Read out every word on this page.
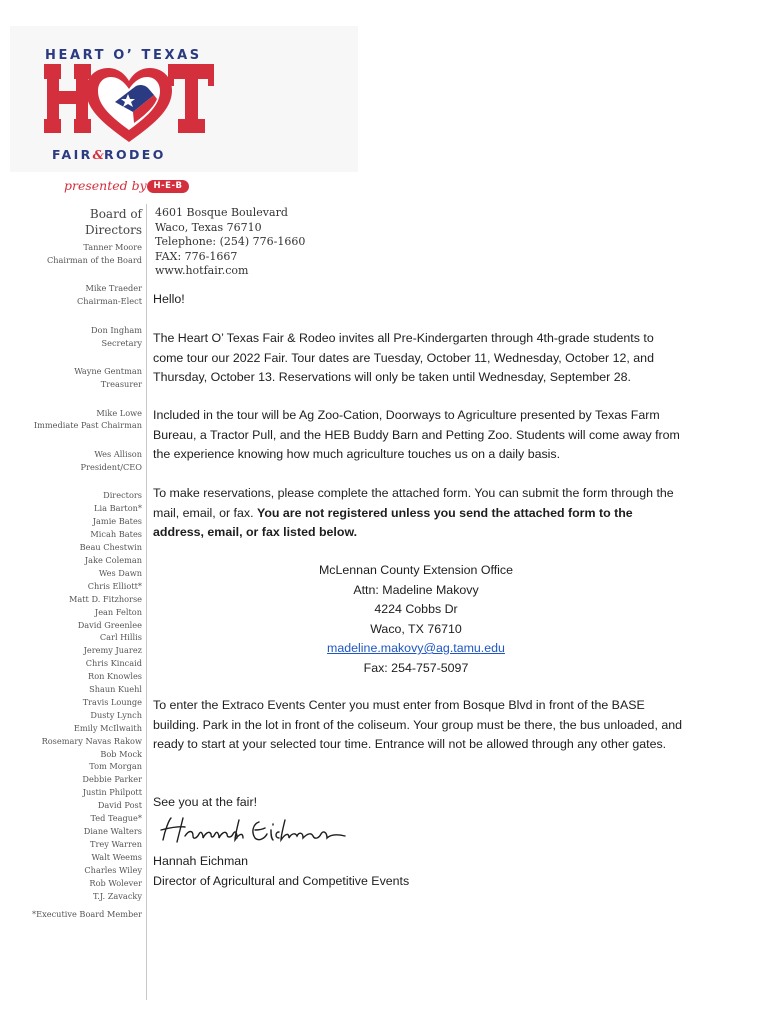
HEART O’ TEXAS
FAIR&RODEO
presented by H-E-B
Board of Directors
Tanner Moore
Chairman of the Board
Mike Traeder
Chairman-Elect
Don Ingham
Secretary
Wayne Gentman
Treasurer
Mike Lowe
Immediate Past Chairman
Wes Allison
President/CEO
Directors
Lia Barton*
Jamie Bates
Micah Bates
Beau Chestwin
Jake Coleman
Wes Dawn
Chris Elliott*
Matt D. Fitzhorse
Jean Felton
David Greenlee
Carl Hillis
Jeremy Juarez
Chris Kincaid
Ron Knowles
Shaun Kuehl
Travis Lounge
Dusty Lynch
Emily McIlwaith
Rosemary Navas Rakow
Bob Mock
Tom Morgan
Debbie Parker
Justin Philpott
David Post
Ted Teague*
Diane Walters
Trey Warren
Walt Weems
Charles Wiley
Rob Wolever
T.J. Zavacky
*Executive Board Member
4601 Bosque Boulevard
Waco, Texas 76710
Telephone: (254) 776-1660
FAX: 776-1667
www.hotfair.com
Hello!

The Heart O’ Texas Fair & Rodeo invites all Pre-Kindergarten through 4th-grade students to come tour our 2022 Fair. Tour dates are Tuesday, October 11, Wednesday, October 12, and Thursday, October 13. Reservations will only be taken until Wednesday, September 28.

Included in the tour will be Ag Zoo-Cation, Doorways to Agriculture presented by Texas Farm Bureau, a Tractor Pull, and the HEB Buddy Barn and Petting Zoo. Students will come away from the experience knowing how much agriculture touches us on a daily basis.

To make reservations, please complete the attached form. You can submit the form through the mail, email, or fax. You are not registered unless you send the attached form to the address, email, or fax listed below.

McLennan County Extension Office
Attn: Madeline Makovy
4224 Cobbs Dr
Waco, TX 76710
madeline.makovy@ag.tamu.edu
Fax: 254-757-5097

To enter the Extraco Events Center you must enter from Bosque Blvd in front of the BASE building. Park in the lot in front of the coliseum. Your group must be there, the bus unloaded, and ready to start at your selected tour time. Entrance will not be allowed through any other gates.

See you at the fair!
Hannah Eichman
Director of Agricultural and Competitive Events
